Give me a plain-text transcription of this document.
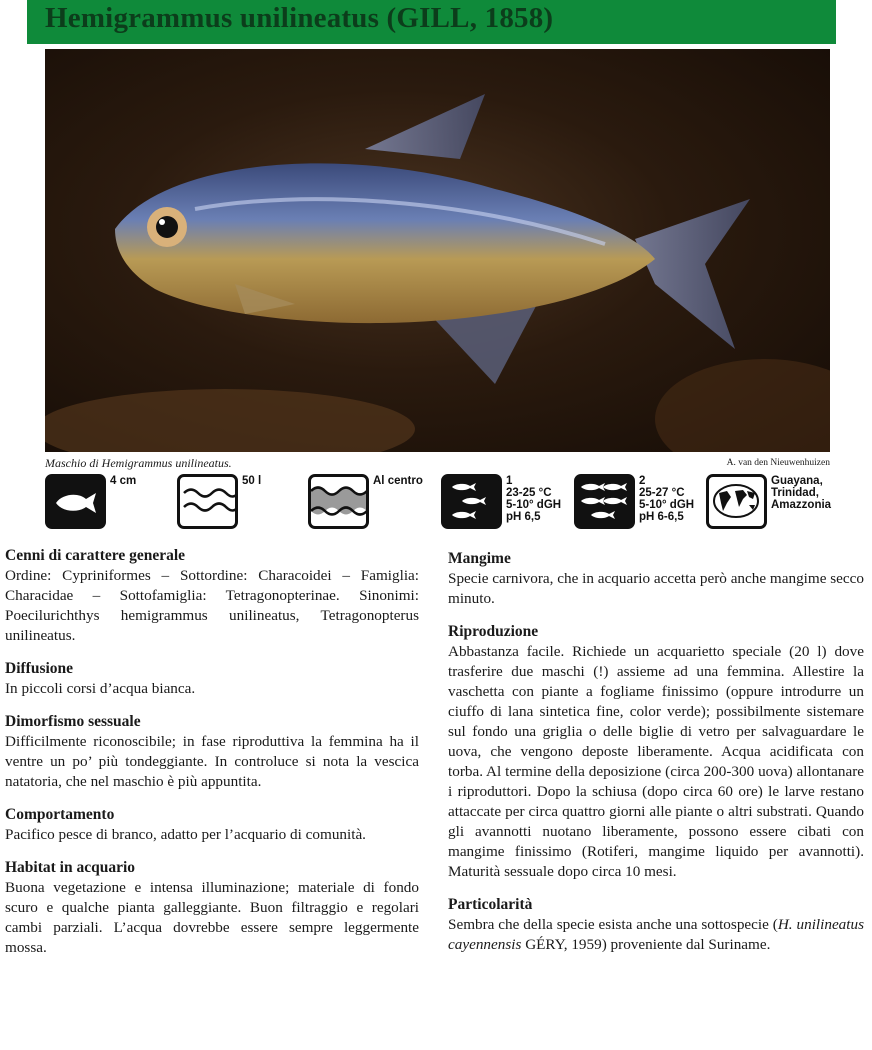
Hemigrammus unilineatus (GILL, 1858)
Maschio di Hemigrammus unilineatus.	A. van den Nieuwenhuizen
4 cm	50 l	Al centro	1
23-25 °C
5-10° dGH
pH 6,5
2
25-27 °C
5-10° dGH
pH 6-6,5
Guayana,
Trinidad,
Amazzonia
Cenni di carattere generale

Ordine: Cypriniformes – Sottordine: Characoidei – Famiglia: Characidae – Sottofamiglia: Tetragonopterinae. Sinonimi: Poecilurichthys hemigrammus unilineatus, Tetragonopterus unilineatus.

Diffusione

In piccoli corsi d’acqua bianca.

Dimorfismo sessuale

Difficilmente riconoscibile; in fase riproduttiva la femmina ha il ventre un po’ più tondeggiante. In controluce si nota la vescica natatoria, che nel maschio è più appuntita.

Comportamento

Pacifico pesce di branco, adatto per l’acquario di comunità.

Habitat in acquario

Buona vegetazione e intensa illuminazione; materiale di fondo scuro e qualche pianta galleggiante. Buon filtraggio e regolari cambi parziali. L’acqua dovrebbe essere sempre leggermente mossa.

Mangime

Specie carnivora, che in acquario accetta però anche mangime secco minuto.

Riproduzione

Abbastanza facile. Richiede un acquarietto speciale (20 l) dove trasferire due maschi (!) assieme ad una femmina. Allestire la vaschetta con piante a fogliame finissimo (oppure introdurre un ciuffo di lana sintetica fine, color verde); possibilmente sistemare sul fondo una griglia o delle biglie di vetro per salvaguardare le uova, che vengono deposte liberamente. Acqua acidificata con torba. Al termine della deposizione (circa 200-300 uova) allontanare i riproduttori. Dopo la schiusa (dopo circa 60 ore) le larve restano attaccate per circa quattro giorni alle piante o altri substrati. Quando gli avannotti nuotano liberamente, possono essere cibati con mangime finissimo (Rotiferi, mangime liquido per avannotti). Maturità sessuale dopo circa 10 mesi.

Particolarità

Sembra che della specie esista anche una sottospecie (H. unilineatus cayennensis GÉRY, 1959) proveniente dal Suriname.
